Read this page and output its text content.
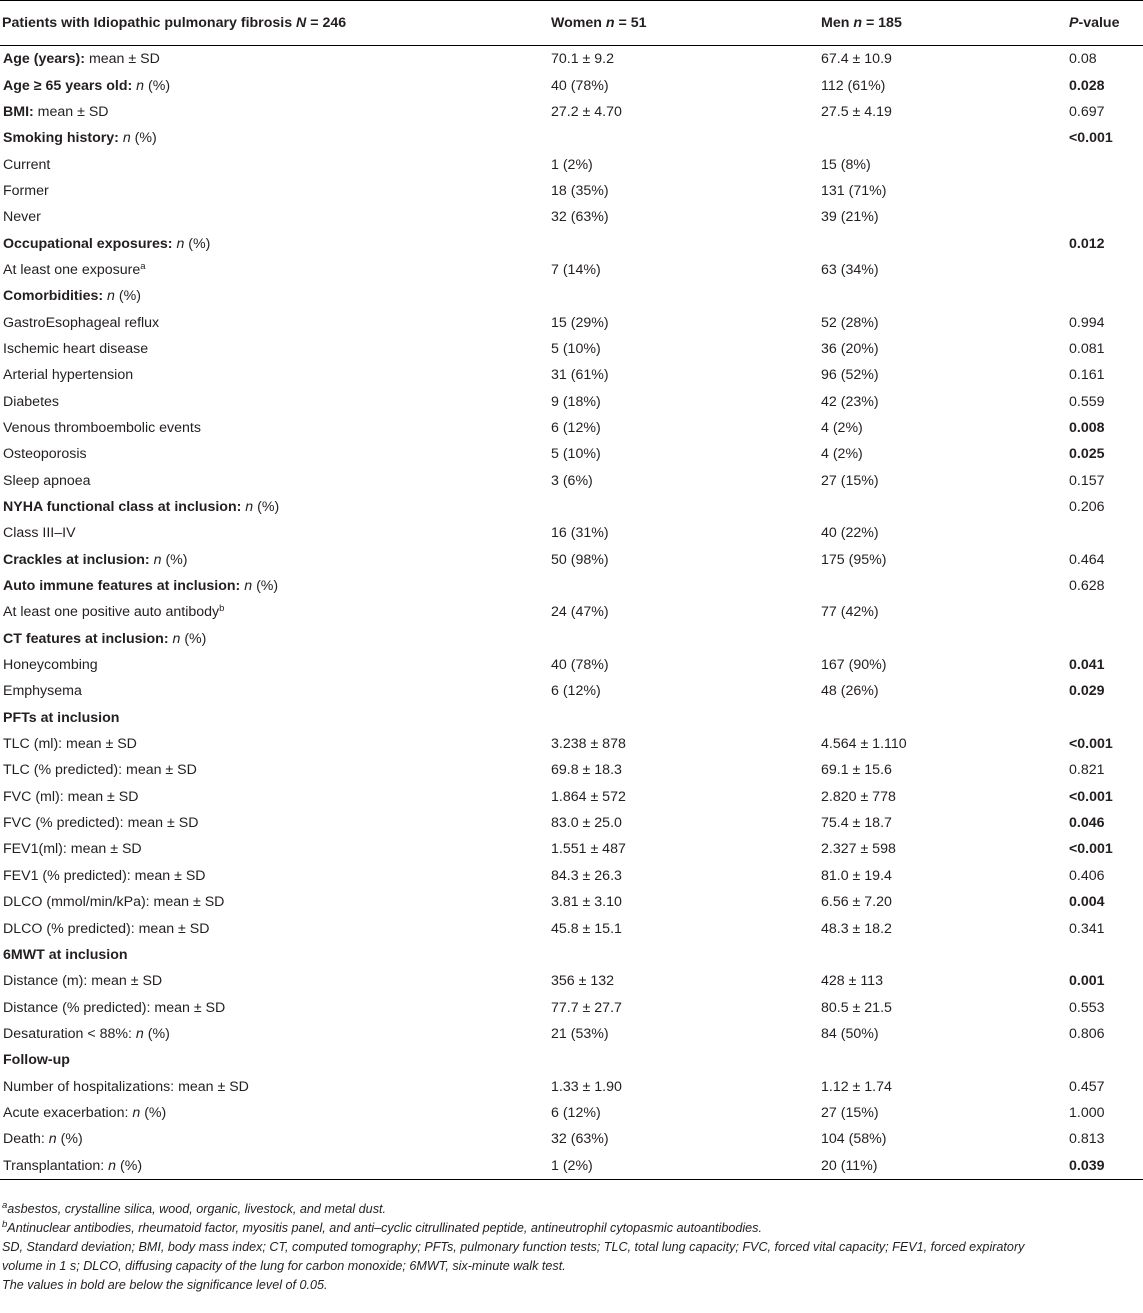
Patients with Idiopathic pulmonary fibrosis N = 246	Women n = 51	Men n = 185	P-value
Age (years): mean ± SD	70.1 ± 9.2	67.4 ± 10.9	0.08
Age ≥ 65 years old: n (%)	40 (78%)	112 (61%)	0.028
BMI: mean ± SD	27.2 ± 4.70	27.5 ± 4.19	0.697
Smoking history: n (%)			<0.001
Current	1 (2%)	15 (8%)	
Former	18 (35%)	131 (71%)	
Never	32 (63%)	39 (21%)	
Occupational exposures: n (%)			0.012
At least one exposure$^a$	7 (14%)	63 (34%)	
Comorbidities: n (%)			
GastroEsophageal reflux	15 (29%)	52 (28%)	0.994
Ischemic heart disease	5 (10%)	36 (20%)	0.081
Arterial hypertension	31 (61%)	96 (52%)	0.161
Diabetes	9 (18%)	42 (23%)	0.559
Venous thromboembolic events	6 (12%)	4 (2%)	0.008
Osteoporosis	5 (10%)	4 (2%)	0.025
Sleep apnoea	3 (6%)	27 (15%)	0.157
NYHA functional class at inclusion: n (%)			0.206
Class III–IV	16 (31%)	40 (22%)	
Crackles at inclusion: n (%)	50 (98%)	175 (95%)	0.464
Auto immune features at inclusion: n (%)			0.628
At least one positive auto antibody$^b$	24 (47%)	77 (42%)	
CT features at inclusion: n (%)			
Honeycombing	40 (78%)	167 (90%)	0.041
Emphysema	6 (12%)	48 (26%)	0.029
PFTs at inclusion			
TLC (ml): mean ± SD	3.238 ± 878	4.564 ± 1.110	<0.001
TLC (% predicted): mean ± SD	69.8 ± 18.3	69.1 ± 15.6	0.821
FVC (ml): mean ± SD	1.864 ± 572	2.820 ± 778	<0.001
FVC (% predicted): mean ± SD	83.0 ± 25.0	75.4 ± 18.7	0.046
FEV1(ml): mean ± SD	1.551 ± 487	2.327 ± 598	<0.001
FEV1 (% predicted): mean ± SD	84.3 ± 26.3	81.0 ± 19.4	0.406
DLCO (mmol/min/kPa): mean ± SD	3.81 ± 3.10	6.56 ± 7.20	0.004
DLCO (% predicted): mean ± SD	45.8 ± 15.1	48.3 ± 18.2	0.341
6MWT at inclusion			
Distance (m): mean ± SD	356 ± 132	428 ± 113	0.001
Distance (% predicted): mean ± SD	77.7 ± 27.7	80.5 ± 21.5	0.553
Desaturation < 88%: n (%)	21 (53%)	84 (50%)	0.806
Follow-up			
Number of hospitalizations: mean ± SD	1.33 ± 1.90	1.12 ± 1.74	0.457
Acute exacerbation: n (%)	6 (12%)	27 (15%)	1.000
Death: n (%)	32 (63%)	104 (58%)	0.813
Transplantation: n (%)	1 (2%)	20 (11%)	0.039
$^a$asbestos, crystalline silica, wood, organic, livestock, and metal dust.
$^b$Antinuclear antibodies, rheumatoid factor, myositis panel, and anti–cyclic citrullinated peptide, antineutrophil cytopasmic autoantibodies.
SD, Standard deviation; BMI, body mass index; CT, computed tomography; PFTs, pulmonary function tests; TLC, total lung capacity; FVC, forced vital capacity; FEV1, forced expiratory
volume in 1 s; DLCO, diffusing capacity of the lung for carbon monoxide; 6MWT, six-minute walk test.
The values in bold are below the significance level of 0.05.
